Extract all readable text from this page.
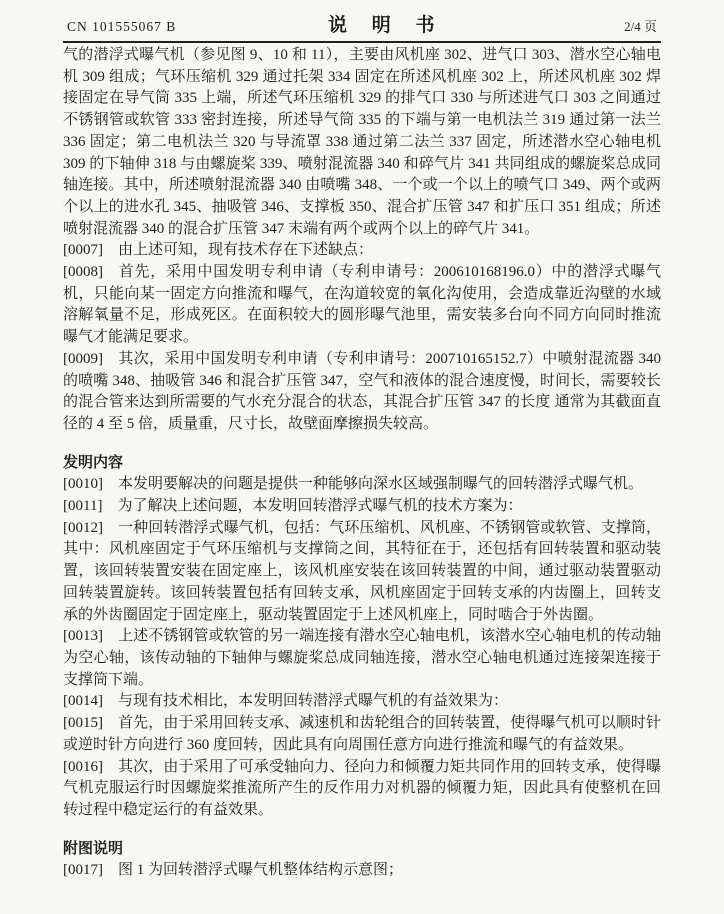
CN 101555067 B	说 明 书	2/4 页
气的潜浮式曝气机（参见图 9、10 和 11），主要由风机座 302、进气口 303、潜水空心轴电机 309 组成；气环压缩机 329 通过托架 334 固定在所述风机座 302 上，所述风机座 302 焊接固定在导气筒 335 上端，所述气环压缩机 329 的排气口 330 与所述进气口 303 之间通过不锈钢管或软管 333 密封连接，所述导气筒 335 的下端与第一电机法兰 319 通过第一法兰 336 固定；第二电机法兰 320 与导流罩 338 通过第二法兰 337 固定，所述潜水空心轴电机 309 的下轴伸 318 与由螺旋桨 339、喷射混流器 340 和碎气片 341 共同组成的螺旋桨总成同轴连接。其中，所述喷射混流器 340 由喷嘴 348、一个或一个以上的喷气口 349、两个或两个以上的进水孔 345、抽吸管 346、支撑板 350、混合扩压管 347 和扩压口 351 组成；所述喷射混流器 340 的混合扩压管 347 末端有两个或两个以上的碎气片 341。
[0007] 由上述可知，现有技术存在下述缺点：
[0008] 首先，采用中国发明专利申请（专利申请号：200610168196.0）中的潜浮式曝气机，只能向某一固定方向推流和曝气，在沟道较宽的氧化沟使用，会造成靠近沟壁的水域溶解氧量不足，形成死区。在面积较大的圆形曝气池里，需安装多台向不同方向同时推流曝气才能满足要求。
[0009] 其次，采用中国发明专利申请（专利申请号：200710165152.7）中喷射混流器 340 的喷嘴 348、抽吸管 346 和混合扩压管 347，空气和液体的混合速度慢，时间长，需要较长的混合管来达到所需要的气水充分混合的状态，其混合扩压管 347 的长度 通常为其截面直径的 4 至 5 倍，质量重，尺寸长，故壁面摩擦损失较高。
发明内容
[0010] 本发明要解决的问题是提供一种能够向深水区域强制曝气的回转潜浮式曝气机。
[0011] 为了解决上述问题，本发明回转潜浮式曝气机的技术方案为：
[0012] 一种回转潜浮式曝气机，包括：气环压缩机、风机座、不锈钢管或软管、支撑筒，其中：风机座固定于气环压缩机与支撑筒之间，其特征在于，还包括有回转装置和驱动装置，该回转装置安装在固定座上，该风机座安装在该回转装置的中间，通过驱动装置驱动回转装置旋转。该回转装置包括有回转支承，风机座固定于回转支承的内齿圈上，回转支承的外齿圈固定于固定座上，驱动装置固定于上述风机座上，同时啮合于外齿圈。
[0013] 上述不锈钢管或软管的另一端连接有潜水空心轴电机，该潜水空心轴电机的传动轴为空心轴，该传动轴的下轴伸与螺旋桨总成同轴连接，潜水空心轴电机通过连接架连接于支撑筒下端。
[0014] 与现有技术相比，本发明回转潜浮式曝气机的有益效果为：
[0015] 首先，由于采用回转支承、减速机和齿轮组合的回转装置，使得曝气机可以顺时针或逆时针方向进行 360 度回转，因此具有向周围任意方向进行推流和曝气的有益效果。
[0016] 其次，由于采用了可承受轴向力、径向力和倾覆力矩共同作用的回转支承，使得曝气机克服运行时因螺旋桨推流所产生的反作用力对机器的倾覆力矩，因此具有使整机在回转过程中稳定运行的有益效果。
附图说明
[0017] 图 1 为回转潜浮式曝气机整体结构示意图；
